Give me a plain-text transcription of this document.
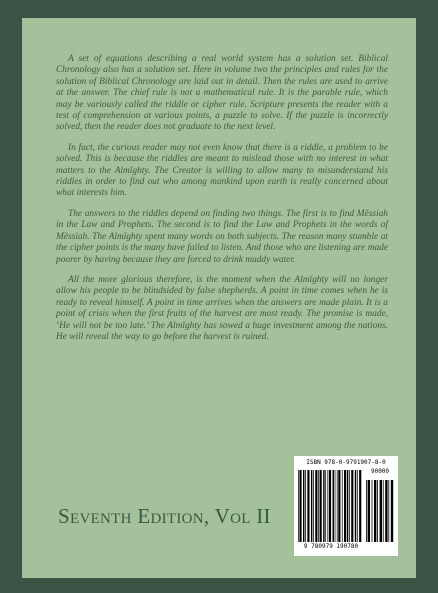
A set of equations describing a real world system has a solution set. Biblical Chronology also has a solution set. Here in volume two the principles and rules for the solution of Biblical Chronology are laid out in detail. Then the rules are used to arrive at the answer. The chief rule is not a mathematical rule. It is the parable rule, which may be variously called the riddle or cipher rule. Scripture presents the reader with a test of comprehension at various points, a puzzle to solve. If the puzzle is incorrectly solved, then the reader does not graduate to the next level.

In fact, the curious reader may not even know that there is a riddle, a problem to be solved. This is because the riddles are meant to mislead those with no interest in what matters to the Almĭghty. The Creator is willing to allow many to misunderstand his riddles in order to find out who among mankind upon earth is really concerned about what interests him.

The answers to the riddles depend on finding two things. The first is to find Mĕssiah in the Law and Prophets. The second is to find the Law and Prophets in the words of Mĕssiah. The Almĭghty spent many words on both subjects. The reason many stumble at the cipher points is the many have failed to listen. And those who are listening are made poorer by having because they are forced to drink muddy water.

All the more glorious therefore, is the moment when the Almĭghty will no longer allow his people to be blindsided by false shepherds. A point in time comes when he is ready to reveal himself. A point in time arrives when the answers are made plain. It is a point of crisis when the first fruits of the harvest are most ready. The promise is made, ‘He will not be too late.’ The Almĭghty has sowed a huge investment among the nations. He will reveal the way to go before the harvest is ruined.

Seventh Edition, Vol II
ISBN 978-0-9791907-8-0
90000
9 780979 190780
